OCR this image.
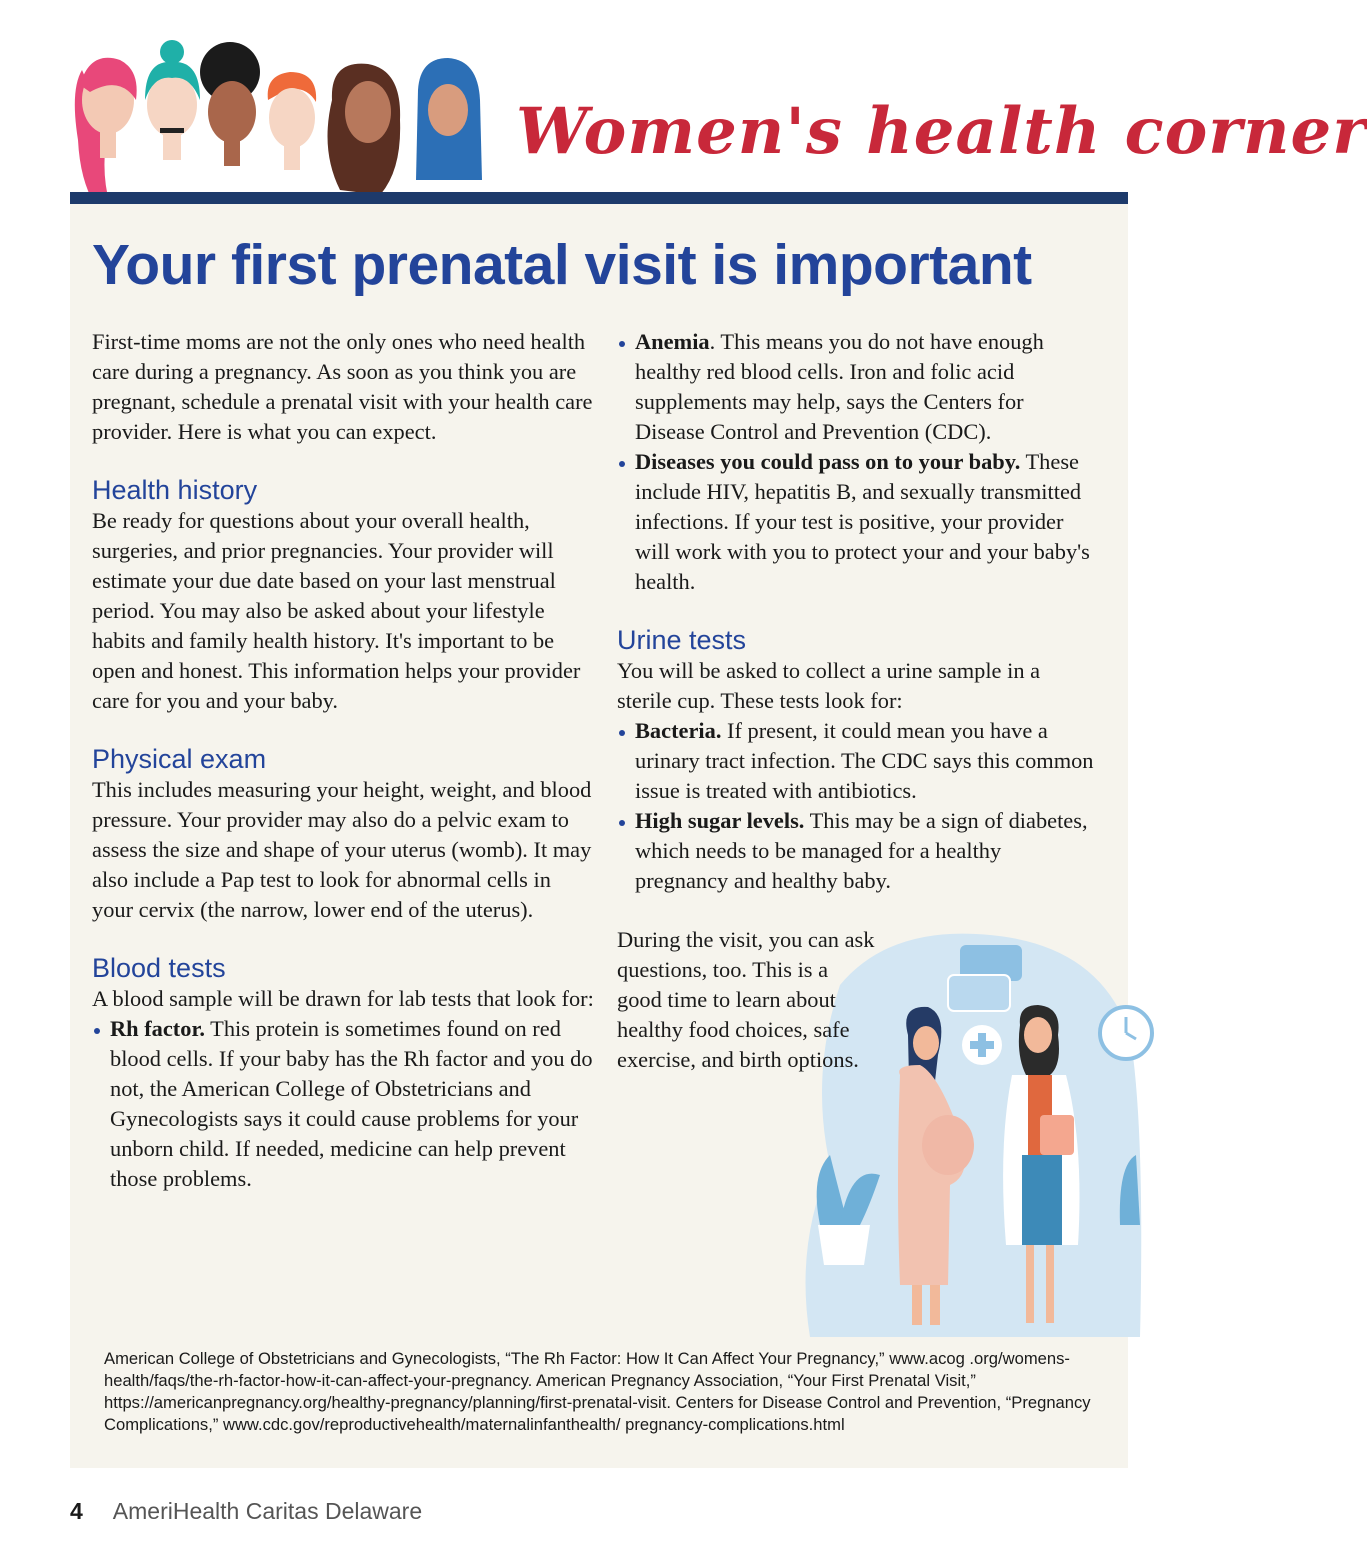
Women's health corner
Your first prenatal visit is important

First-time moms are not the only ones who need health care during a pregnancy. As soon as you think you are pregnant, schedule a prenatal visit with your health care provider. Here is what you can expect.

Health history

Be ready for questions about your overall health, surgeries, and prior pregnancies. Your provider will estimate your due date based on your last menstrual period. You may also be asked about your lifestyle habits and family health history. It's important to be open and honest. This information helps your provider care for you and your baby.

Physical exam

This includes measuring your height, weight, and blood pressure. Your provider may also do a pelvic exam to assess the size and shape of your uterus (womb). It may also include a Pap test to look for abnormal cells in your cervix (the narrow, lower end of the uterus).

Blood tests

A blood sample will be drawn for lab tests that look for:

Rh factor. This protein is sometimes found on red blood cells. If your baby has the Rh factor and you do not, the American College of Obstetricians and Gynecologists says it could cause problems for your unborn child. If needed, medicine can help prevent those problems.
Anemia. This means you do not have enough healthy red blood cells. Iron and folic acid supplements may help, says the Centers for Disease Control and Prevention (CDC).
Diseases you could pass on to your baby. These include HIV, hepatitis B, and sexually transmitted infections. If your test is positive, your provider will work with you to protect your and your baby's health.
Urine tests

You will be asked to collect a urine sample in a sterile cup. These tests look for:

Bacteria. If present, it could mean you have a urinary tract infection. The CDC says this common issue is treated with antibiotics.
High sugar levels. This may be a sign of diabetes, which needs to be managed for a healthy pregnancy and healthy baby.
During the visit, you can ask questions, too. This is a good time to learn about healthy food choices, safe exercise, and birth options.
American College of Obstetricians and Gynecologists, “The Rh Factor: How It Can Affect Your Pregnancy,” www.acog .org/womens-health/faqs/the-rh-factor-how-it-can-affect-your-pregnancy. American Pregnancy Association, “Your First Prenatal Visit,” https://americanpregnancy.org/healthy-pregnancy/planning/first-prenatal-visit. Centers for Disease Control and Prevention, “Pregnancy Complications,” www.cdc.gov/reproductivehealth/maternalinfanthealth/ pregnancy-complications.html
4 AmeriHealth Caritas Delaware
